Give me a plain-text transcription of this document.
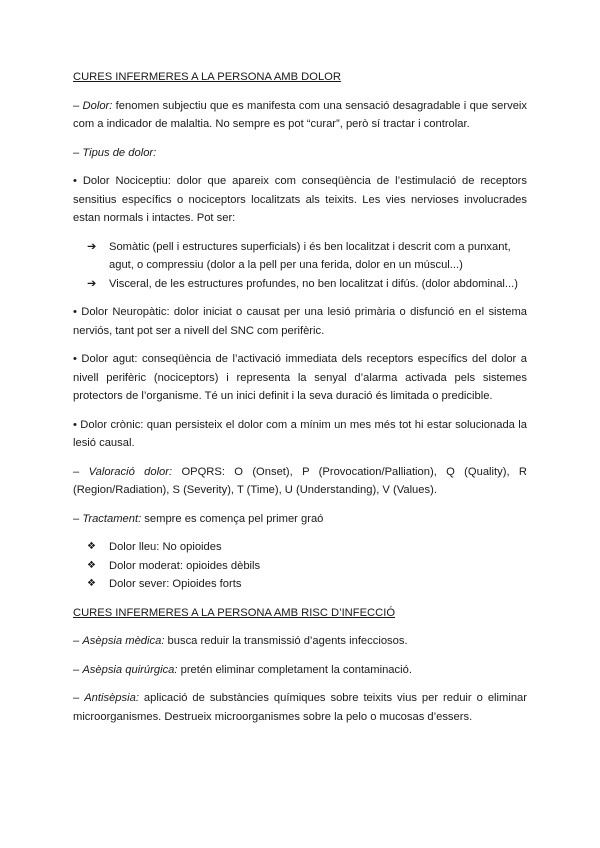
CURES INFERMERES A LA PERSONA AMB DOLOR
– Dolor: fenomen subjectiu que es manifesta com una sensació desagradable i que serveix com a indicador de malaltia. No sempre es pot “curar”, però sí tractar i controlar.
– Tipus de dolor:
• Dolor Nociceptiu: dolor que apareix com conseqüència de l’estimulació de receptors sensitius específics o nociceptors localitzats als teixits. Les vies nervioses involucrades estan normals i intactes. Pot ser:
➔ Somàtic (pell i estructures superficials) i és ben localitzat i descrit com a punxant, agut, o compressiu (dolor a la pell per una ferida, dolor en un múscul...)
➔ Visceral, de les estructures profundes, no ben localitzat i difús. (dolor abdominal...)
• Dolor Neuropàtic: dolor iniciat o causat per una lesió primària o disfunció en el sistema nerviós, tant pot ser a nivell del SNC com perifèric.
• Dolor agut: conseqüència de l’activació immediata dels receptors específics del dolor a nivell perifèric (nociceptors) i representa la senyal d’alarma activada pels sistemes protectors de l’organisme. Té un inici definit i la seva duració és limitada o predicible.
• Dolor crònic: quan persisteix el dolor com a mínim un mes més tot hi estar solucionada la lesió causal.
– Valoració dolor: OPQRS: O (Onset), P (Provocation/Palliation), Q (Quality), R (Region/Radiation), S (Severity), T (Time), U (Understanding), V (Values).
– Tractament: sempre es comença pel primer graó
❖ Dolor lleu: No opioides
❖ Dolor moderat: opioides dèbils
❖ Dolor sever: Opioides forts
CURES INFERMERES A LA PERSONA AMB RISC D’INFECCIÓ
– Asèpsia mèdica: busca reduir la transmissió d’agents infecciosos.
– Asèpsia quirúrgica: pretén eliminar completament la contaminació.
– Antisèpsia: aplicació de substàncies químiques sobre teixits vius per reduir o eliminar microorganismes. Destrueix microorganismes sobre la pelo o mucosas d’essers.
